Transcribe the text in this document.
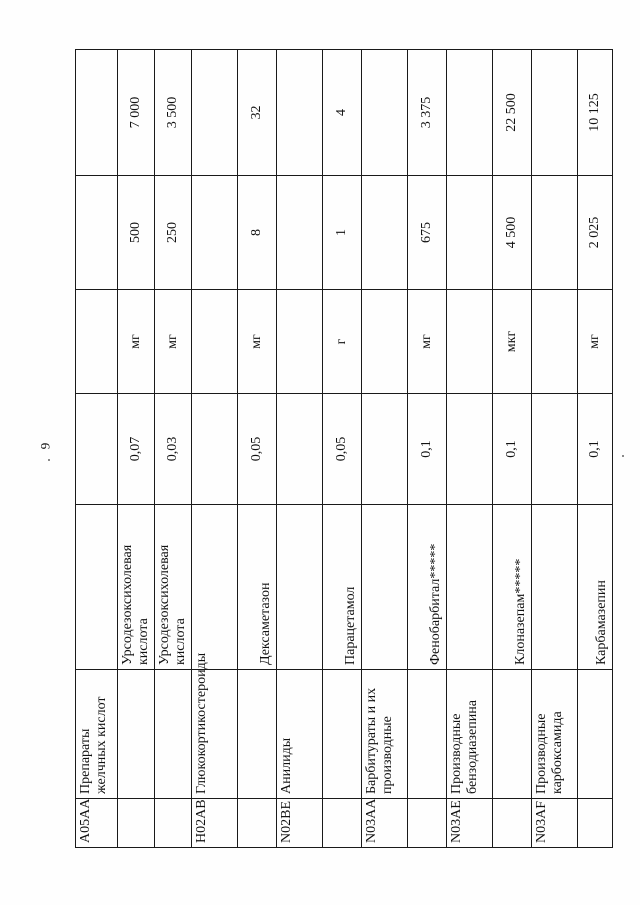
9
A05AA	Препараты желчных кислот					
		Урсодезоксихолевая кислота	0,07	мг	500	7 000
		Урсодезоксихолевая кислота	0,03	мг	250	3 500
H02AB	Глюкокортикостероиды					
		Дексаметазон	0,05	мг	8	32
N02BE	Анилиды					
		Парацетамол	0,05	г	1	4
N03AA	Барбитураты и их производные					
		Фенобарбитал*****	0,1	мг	675	3 375
N03AE	Производные бензодиазепина					
		Клоназепам*****	0,1	мкг	4 500	22 500
N03AF	Производные карбоксамида					
		Карбамазепин	0,1	мг	2 025	10 125
